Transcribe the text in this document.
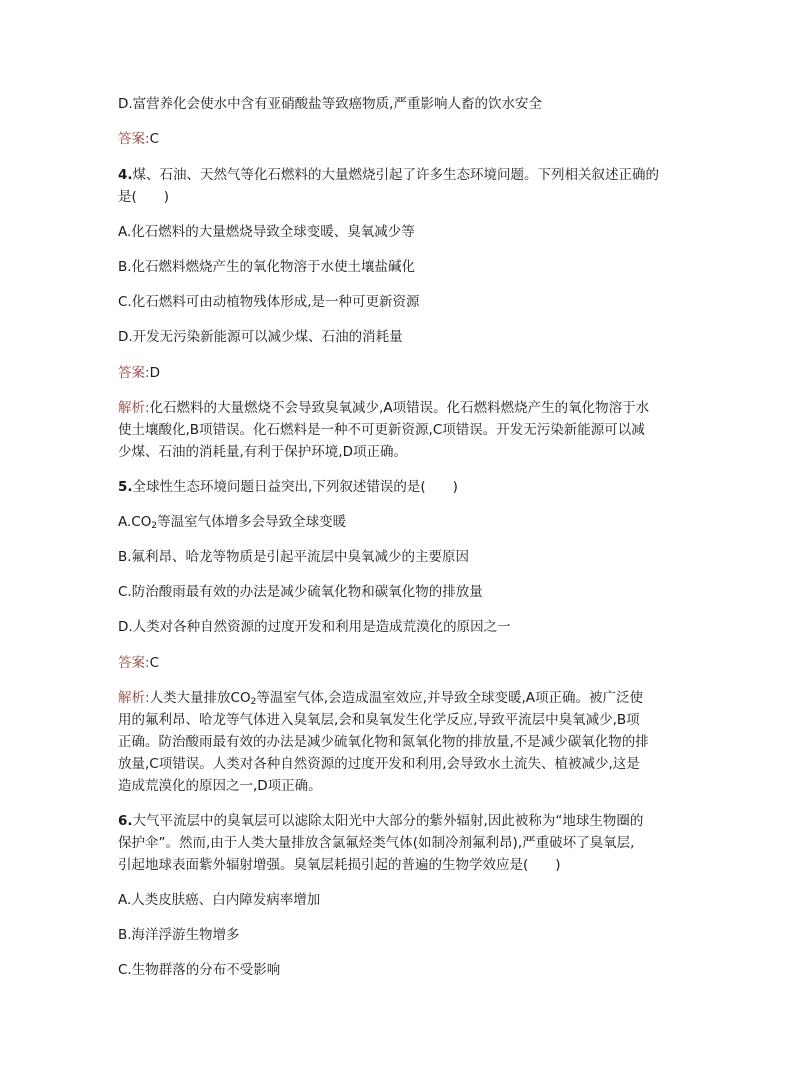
D.富营养化会使水中含有亚硝酸盐等致癌物质,严重影响人畜的饮水安全
答案:C
4.煤、石油、天然气等化石燃料的大量燃烧引起了许多生态环境问题。下列相关叙述正确的
是(　　)
A.化石燃料的大量燃烧导致全球变暖、臭氧减少等
B.化石燃料燃烧产生的氧化物溶于水使土壤盐碱化
C.化石燃料可由动植物残体形成,是一种可更新资源
D.开发无污染新能源可以减少煤、石油的消耗量
答案:D
解析:化石燃料的大量燃烧不会导致臭氧减少,A项错误。化石燃料燃烧产生的氧化物溶于水
使土壤酸化,B项错误。化石燃料是一种不可更新资源,C项错误。开发无污染新能源可以减
少煤、石油的消耗量,有利于保护环境,D项正确。
5.全球性生态环境问题日益突出,下列叙述错误的是(　　)
$A.CO_2$等温室气体增多会导致全球变暖
B.氟利昂、哈龙等物质是引起平流层中臭氧减少的主要原因
C.防治酸雨最有效的办法是减少硫氧化物和碳氧化物的排放量
D.人类对各种自然资源的过度开发和利用是造成荒漠化的原因之一
答案:C
解析:人类大量排放$CO_2$等温室气体,会造成温室效应,并导致全球变暖,A项正确。被广泛使
用的氟利昂、哈龙等气体进入臭氧层,会和臭氧发生化学反应,导致平流层中臭氧减少,B项
正确。防治酸雨最有效的办法是减少硫氧化物和氮氧化物的排放量,不是减少碳氧化物的排
放量,C项错误。人类对各种自然资源的过度开发和利用,会导致水土流失、植被减少,这是
造成荒漠化的原因之一,D项正确。
6.大气平流层中的臭氧层可以滤除太阳光中大部分的紫外辐射,因此被称为“地球生物圈的
保护伞”。然而,由于人类大量排放含氯氟烃类气体(如制冷剂氟利昂),严重破坏了臭氧层,
引起地球表面紫外辐射增强。臭氧层耗损引起的普遍的生物学效应是(　　)
A.人类皮肤癌、白内障发病率增加
B.海洋浮游生物增多
C.生物群落的分布不受影响
